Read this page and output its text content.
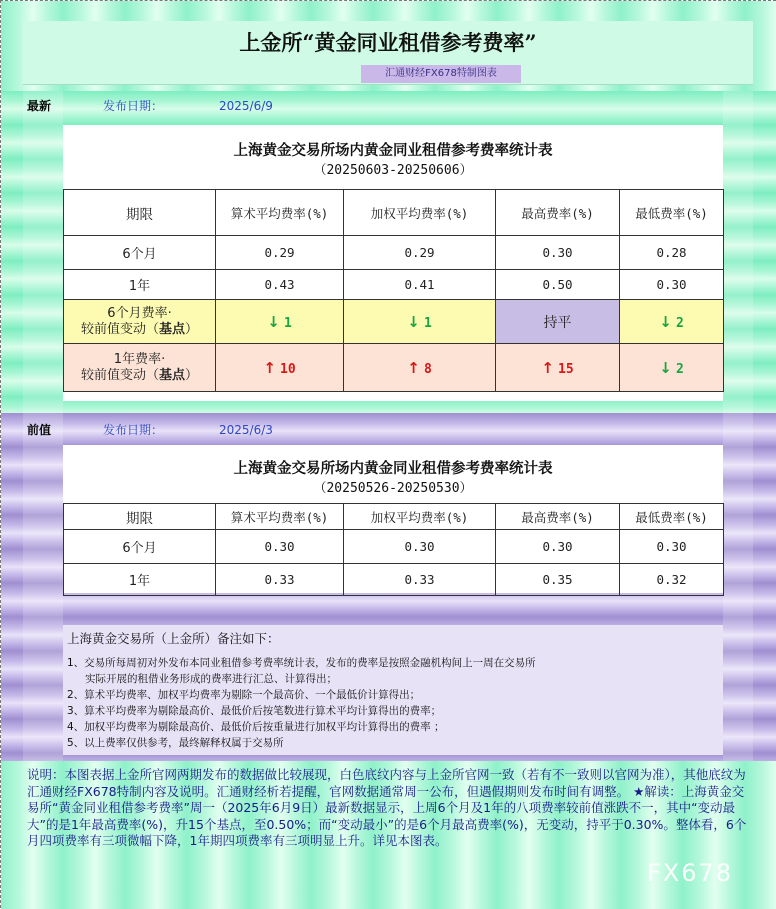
上金所“黄金同业租借参考费率”
汇通财经FX678特制图表
最新	发布日期：	2025/6/9
上海黄金交易所场内黄金同业租借参考费率统计表
（20250603-20250606）
期限	算术平均费率(%)	加权平均费率(%)	最高费率(%)	最低费率(%)
6个月	0.29	0.29	0.30	0.28
1年	0.43	0.41	0.50	0.30

6个月费率·
较前值变动（基点）	↓ 1	↓ 1	持平	↓ 2

1年费率·
较前值变动（基点）	↑ 10	↑ 8	↑ 15	↓ 2
前值	发布日期：	2025/6/3
上海黄金交易所场内黄金同业租借参考费率统计表
（20250526-20250530）
期限	算术平均费率(%)	加权平均费率(%)	最高费率(%)	最低费率(%)
6个月	0.30	0.30	0.30	0.30
1年	0.33	0.33	0.35	0.32
上海黄金交易所（上金所）备注如下：
1、交易所每周初对外发布本同业租借参考费率统计表，发布的费率是按照金融机构间上一周在交易所
实际开展的租借业务形成的费率进行汇总、计算得出；
2、算术平均费率、加权平均费率为剔除一个最高价、一个最低价计算得出；
3、算术平均费率为剔除最高价、最低价后按笔数进行算术平均计算得出的费率；
4、加权平均费率为剔除最高价、最低价后按重量进行加权平均计算得出的费率 ；
5、以上费率仅供参考，最终解释权属于交易所
说明：本图表据上金所官网两期发布的数据做比较展现，白色底纹内容与上金所官网一致（若有不一致则以官网为准），其他底纹为汇通财经FX678特制内容及说明。汇通财经析若提醒，官网数据通常周一公布，但遇假期则发布时间有调整。 ★解读：上海黄金交易所“黄金同业租借参考费率”周一（2025年6月9日）最新数据显示，上周6个月及1年的八项费率较前值涨跌不一，其中“变动最大”的是1年最高费率(%)，升15个基点，至0.50%；而“变动最小”的是6个月最高费率(%)，无变动，持平于0.30%。整体看，6个月四项费率有三项微幅下降，1年期四项费率有三项明显上升。详见本图表。
FX678
